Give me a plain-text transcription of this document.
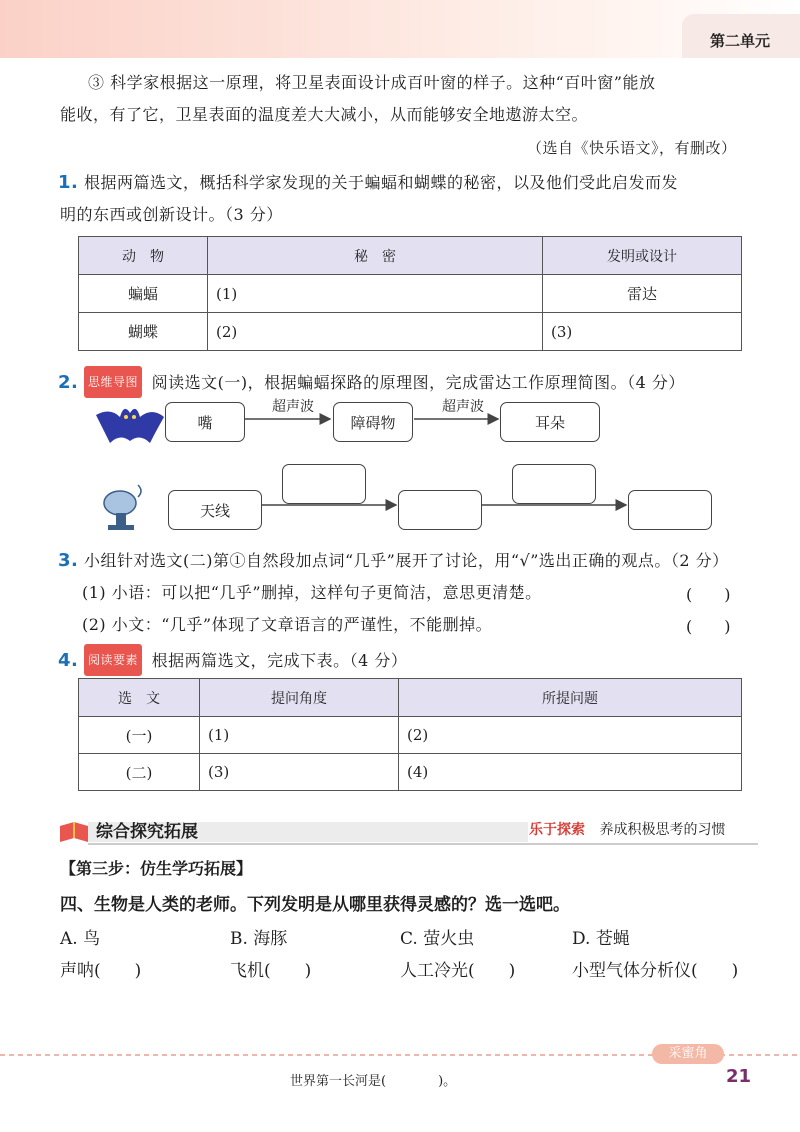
第二单元
③ 科学家根据这一原理，将卫星表面设计成百叶窗的样子。这种“百叶窗”能放
能收，有了它，卫星表面的温度差大大减小，从而能够安全地遨游太空。
（选自《快乐语文》，有删改）
1. 根据两篇选文，概括科学家发现的关于蝙蝠和蝴蝶的秘密，以及他们受此启发而发
明的东西或创新设计。（3 分）
动　物	秘　密	发明或设计
蝙蝠	(1)	雷达
蝴蝶	(2)	(3)
2. 思维导图 阅读选文(一)，根据蝙蝠探路的原理图，完成雷达工作原理简图。（4 分）
嘴
超声波
障碍物
超声波
耳朵
天线
3. 小组针对选文(二)第①自然段加点词“几乎”展开了讨论，用“√”选出正确的观点。（2 分）
(1) 小语：可以把“几乎”删掉，这样句子更简洁，意思更清楚。	(　　)
(2) 小文：“几乎”体现了文章语言的严谨性，不能删掉。	(　　)
4. 阅读要素 根据两篇选文，完成下表。（4 分）
选　文	提问角度	所提问题
(一)	(1)	(2)
(二)	(3)	(4)
综合探究拓展	乐于探索 养成积极思考的习惯
【第三步：仿生学巧拓展】
四、生物是人类的老师。下列发明是从哪里获得灵感的？选一选吧。
A. 鸟	B. 海豚	C. 萤火虫	D. 苍蝇
声呐(　　)	飞机(　　)	人工冷光(　　)	小型气体分析仪(　　)
采蜜角
世界第一长河是(　　　　)。	21
